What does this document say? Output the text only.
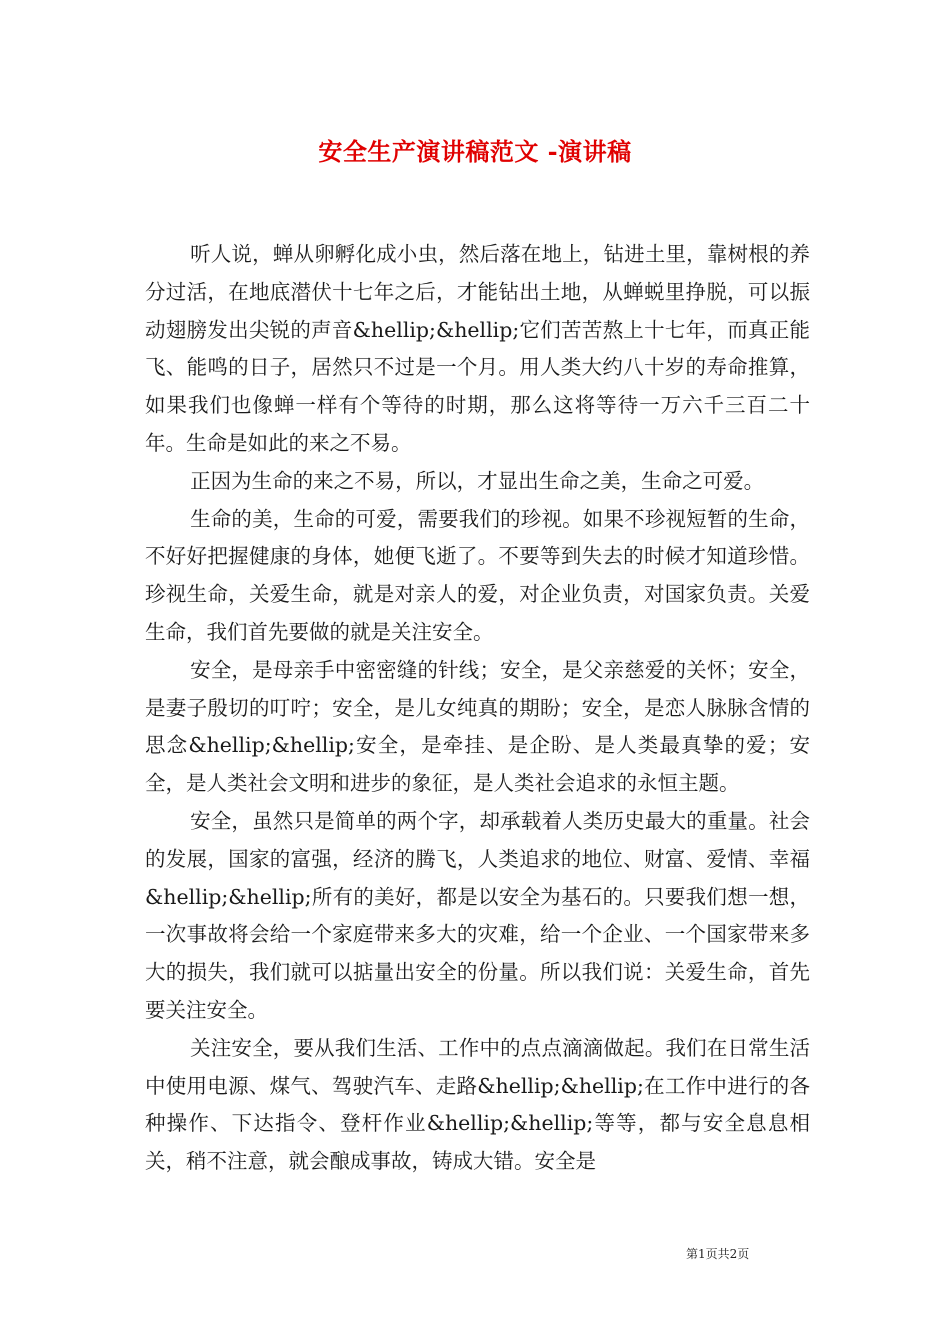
安全生产演讲稿范文 -演讲稿

听人说，蝉从卵孵化成小虫，然后落在地上，钻进土里，靠树根的养分过活，在地底潜伏十七年之后，才能钻出土地，从蝉蜕里挣脱，可以振动翅膀发出尖锐的声音&hellip;&hellip;它们苦苦熬上十七年，而真正能飞、能鸣的日子，居然只不过是一个月。用人类大约八十岁的寿命推算，如果我们也像蝉一样有个等待的时期，那么这将等待一万六千三百二十年。生命是如此的来之不易。

正因为生命的来之不易，所以，才显出生命之美，生命之可爱。

生命的美，生命的可爱，需要我们的珍视。如果不珍视短暂的生命，不好好把握健康的身体，她便飞逝了。不要等到失去的时候才知道珍惜。珍视生命，关爱生命，就是对亲人的爱，对企业负责，对国家负责。关爱生命，我们首先要做的就是关注安全。

安全，是母亲手中密密缝的针线；安全，是父亲慈爱的关怀；安全，是妻子殷切的叮咛；安全，是儿女纯真的期盼；安全，是恋人脉脉含情的思念&hellip;&hellip;安全，是牵挂、是企盼、是人类最真挚的爱；安全，是人类社会文明和进步的象征，是人类社会追求的永恒主题。

安全，虽然只是简单的两个字，却承载着人类历史最大的重量。社会的发展，国家的富强，经济的腾飞，人类追求的地位、财富、爱情、幸福&hellip;&hellip;所有的美好，都是以安全为基石的。只要我们想一想，一次事故将会给一个家庭带来多大的灾难，给一个企业、一个国家带来多大的损失，我们就可以掂量出安全的份量。所以我们说：关爱生命，首先要关注安全。

关注安全，要从我们生活、工作中的点点滴滴做起。我们在日常生活中使用电源、煤气、驾驶汽车、走路&hellip;&hellip;在工作中进行的各种操作、下达指令、登杆作业&hellip;&hellip;等等，都与安全息息相关，稍不注意，就会酿成事故，铸成大错。安全是

第1页共2页
